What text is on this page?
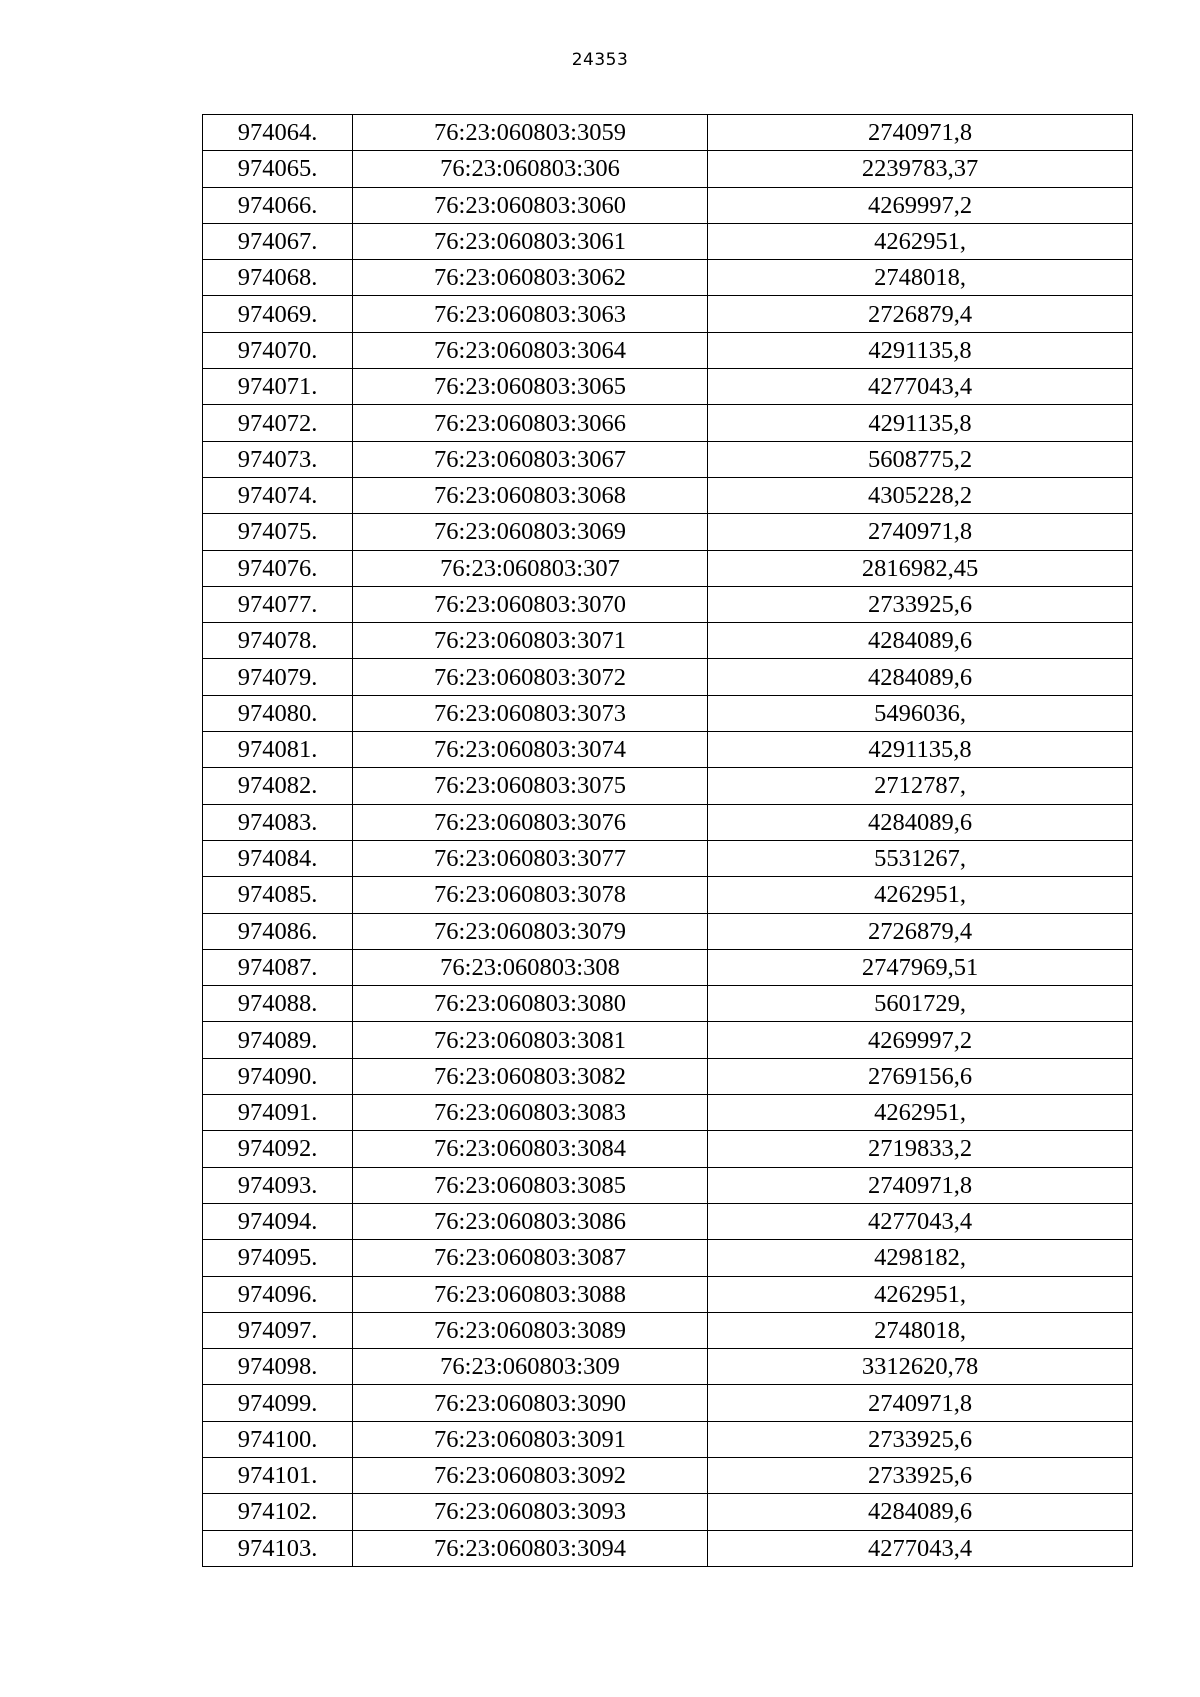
24353
974064.	76:23:060803:3059	2740971,8
974065.	76:23:060803:306	2239783,37
974066.	76:23:060803:3060	4269997,2
974067.	76:23:060803:3061	4262951,
974068.	76:23:060803:3062	2748018,
974069.	76:23:060803:3063	2726879,4
974070.	76:23:060803:3064	4291135,8
974071.	76:23:060803:3065	4277043,4
974072.	76:23:060803:3066	4291135,8
974073.	76:23:060803:3067	5608775,2
974074.	76:23:060803:3068	4305228,2
974075.	76:23:060803:3069	2740971,8
974076.	76:23:060803:307	2816982,45
974077.	76:23:060803:3070	2733925,6
974078.	76:23:060803:3071	4284089,6
974079.	76:23:060803:3072	4284089,6
974080.	76:23:060803:3073	5496036,
974081.	76:23:060803:3074	4291135,8
974082.	76:23:060803:3075	2712787,
974083.	76:23:060803:3076	4284089,6
974084.	76:23:060803:3077	5531267,
974085.	76:23:060803:3078	4262951,
974086.	76:23:060803:3079	2726879,4
974087.	76:23:060803:308	2747969,51
974088.	76:23:060803:3080	5601729,
974089.	76:23:060803:3081	4269997,2
974090.	76:23:060803:3082	2769156,6
974091.	76:23:060803:3083	4262951,
974092.	76:23:060803:3084	2719833,2
974093.	76:23:060803:3085	2740971,8
974094.	76:23:060803:3086	4277043,4
974095.	76:23:060803:3087	4298182,
974096.	76:23:060803:3088	4262951,
974097.	76:23:060803:3089	2748018,
974098.	76:23:060803:309	3312620,78
974099.	76:23:060803:3090	2740971,8
974100.	76:23:060803:3091	2733925,6
974101.	76:23:060803:3092	2733925,6
974102.	76:23:060803:3093	4284089,6
974103.	76:23:060803:3094	4277043,4
